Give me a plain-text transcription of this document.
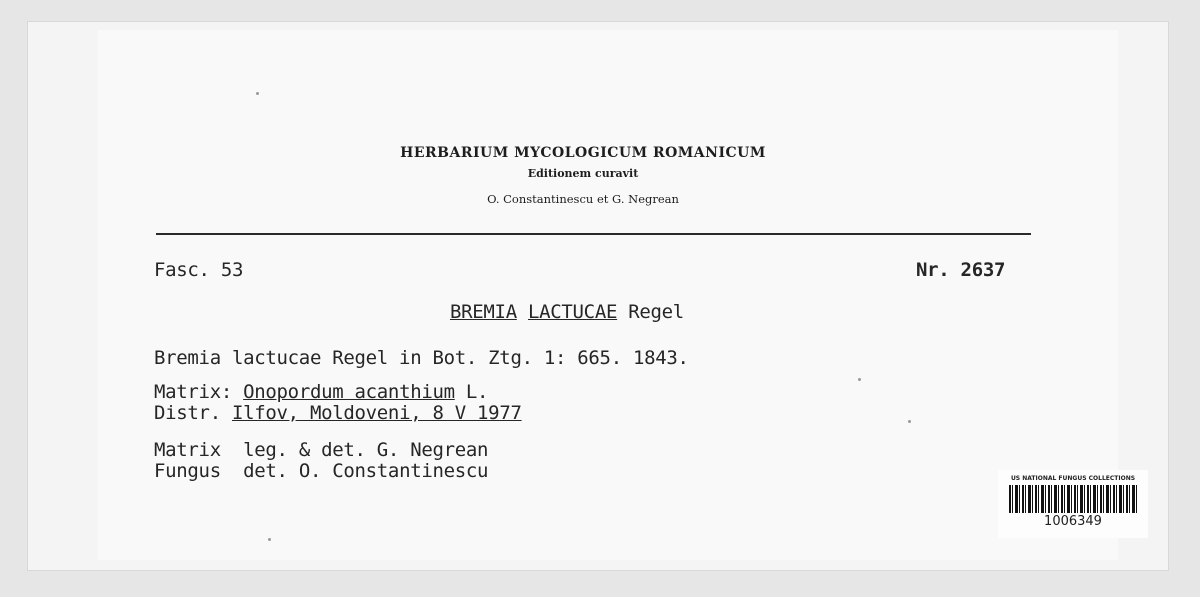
HERBARIUM MYCOLOGICUM ROMANICUM
Editionem curavit
O. Constantinescu et G. Negrean
Fasc. 53	Nr. 2637
BREMIA LACTUCAE Regel
Bremia lactucae Regel in Bot. Ztg. 1: 665. 1843.
Matrix: Onopordum acanthium L.
Distr. Ilfov, Moldoveni, 8 V 1977
Matrix leg. & det. G. Negrean
Fungus det. O. Constantinescu	US NATIONAL FUNGUS COLLECTIONS
1006349
